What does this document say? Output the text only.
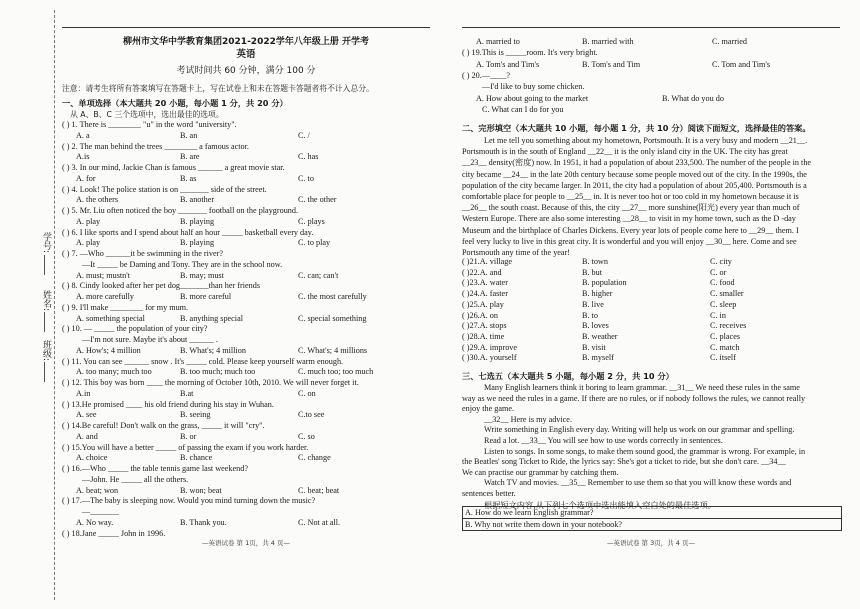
学号:
姓名:
班级:
柳州市文华中学教育集团2021-2022学年八年级上册 开学考
英语
考试时间共 60 分钟，满分 100 分
注意：请考生将所有答案填写在答题卡上，写在试卷上和未在答题卡答题者将不计入总分。
一、单项选择（本大题共 20 小题，每小题 1 分，共 20 分）
从 A、B、C 三个选项中，选出最佳的选项。
( ) 1. There is ________ "u" in the word "university".
A. a	B. an	C. /
( ) 2. The man behind the trees ________ a famous actor.
A.is	B. are	C. has
( ) 3. In our mind, Jackie Chan is famous ______ a great movie star.
A. for	B. as	C. to
( ) 4. Look! The police station is on _______ side of the street.
A. the others	B. another	C. the other
( ) 5. Mr. Liu often noticed the boy _______ football on the playground.
A. play	B. playing	C. plays
( ) 6. I like sports and I spend about half an hour _____ basketball every day.
A. play	B. playing	C. to play
( ) 7. —Who ______it be swimming in the river?
—It _____ be Daming and Tony. They are in the school now.
A. must; mustn't	B. may; must	C. can; can't
( ) 8. Cindy looked after her pet dog_______than her friends
A. more carefully	B. more careful	C. the most carefully
( ) 9. I'll make ________ for my mum.
A. something special	B. anything special	C. special something
( ) 10. — _____ the population of your city?
—I'm not sure. Maybe it's about ______ .
A. How's; 4 million	B. What's; 4 million	C. What's; 4 millions
( ) 11. You can see ______ snow . It's _____ cold. Please keep yourself warm enough.
A. too many; much too	B. too much; much too	C. much too; too much
( ) 12. This boy was born ____ the morning of October 10th, 2010. We will never forget it.
A.in	B.at	C. on
( ) 13.He promised ____ his old friend during his stay in Wuhan.
A. see	B. seeing	C.to see
( ) 14.Be careful! Don't walk on the grass, _____ it will "cry".
A. and	B. or	C. so
( ) 15.You will have a better _____ of passing the exam if you work harder.
A. choice	B. chance	C. change
( ) 16.—Who _____ the table tennis game last weekend?
—John. He _____ all the others.
A. beat; won	B. won; beat	C. beat; beat
( ) 17.—The baby is sleeping now. Would you mind turning down the music?
—_______
A. No way.	B. Thank you.	C. Not at all.
( ) 18.Jane _____ John in 1996.
—英语试卷 第 1页，共 4 页—
A. married to	B. married with	C. married
( ) 19.This is _____room. It's very bright.
A. Tom's and Tim's	B. Tom's and Tim	C. Tom and Tim's
( ) 20.—____?
—I'd like to buy some chicken.
A. How about going to the market	B. What do you do
C. What can I do for you
二、完形填空（本大题共 10 小题，每小题 1 分，共 10 分）阅读下面短文，选择最佳的答案。
Let me tell you something about my hometown, Portsmouth. It is a very busy and modern __21__.
Portsmouth is in the south of England __22__ it is the only island city in the UK. The city has great
__23__ density(密度) now. In 1951, it had a population of about 233,500. The number of the people in the
city became __24__ in the late 20th century because some people moved out of the city. In the 1990s, the
population of the city became larger. In 2011, the city had a population of about 205,400. Portsmouth is a
comfortable place for people to __25__ in. It is never too hot or too cold in my hometown because it is
__26__ the south coast. Because of this, the city __27__ more sunshine(阳光) every year than much of
Western Europe. There are also some interesting __28__ to visit in my home town, such as the D -day
Museum and the birthplace of Charles Dickens. Every year lots of people come here to __29__ them. I
feel very lucky to live in this great city. It is wonderful and you will enjoy __30__ here. Come and see
Portsmouth any time of the year!
( )21.A. village	B. town	C. city
( )22.A. and	B. but	C. or
( )23.A. water	B. population	C. food
( )24.A. faster	B. higher	C. smaller
( )25.A. play	B. live	C. sleep
( )26.A. on	B. to	C. in
( )27.A. stops	B. loves	C. receives
( )28.A. time	B. weather	C. places
( )29.A. improve	B. visit	C. match
( )30.A. yourself	B. myself	C. itself
三、七选五（本大题共 5 小题，每小题 2 分，共 10 分）
Many English learners think it boring to learn grammar. __31__ We need these rules in the same
way as we need the rules in a game. If there are no rules, or if nobody follows the rules, we cannot really
enjoy the game.
__32__ Here is my advice.
Write something in English every day. Writing will help us work on our grammar and spelling.
Read a lot. __33__ You will see how to use words correctly in sentences.
Listen to songs. In some songs, to make them sound good, the grammar is wrong. For example, in
the Beatles' song Ticket to Ride, the lyrics say: She's got a ticket to ride, but she don't care. __34__
We can practise our grammar by catching them.
Watch TV and movies. __35__ Remember to use them so that you will know these words and
sentences better.
根据短文内容,从下列七个选项中选出能填入空白处的最佳选项。
A. How do we learn English grammar?
B. Why not write them down in your notebook?
—英语试卷 第 3页，共 4 页—
